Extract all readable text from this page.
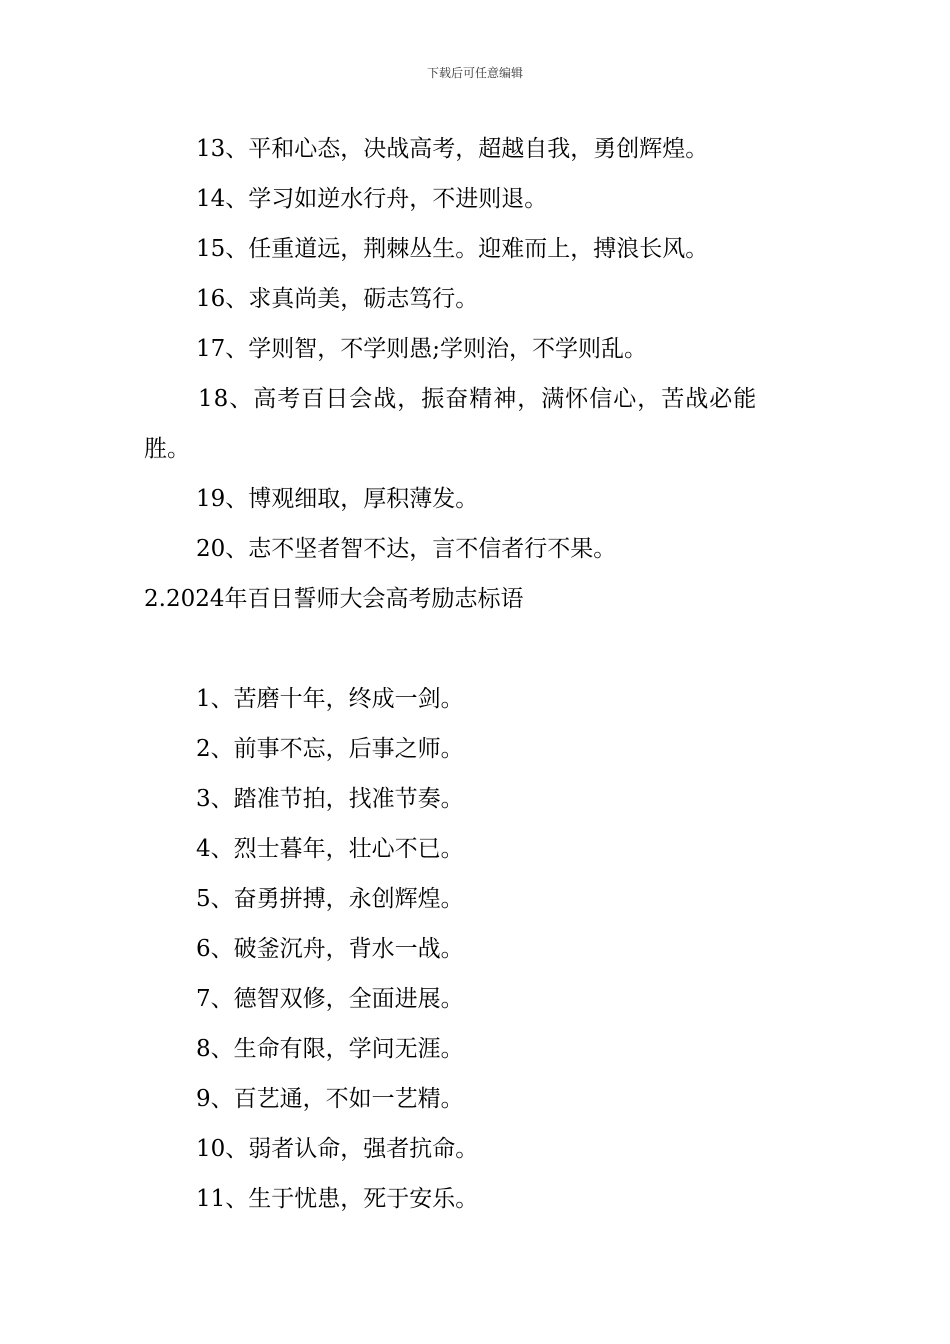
下载后可任意编辑
13、平和心态，决战高考，超越自我，勇创辉煌。
14、学习如逆水行舟，不进则退。
15、任重道远，荆棘丛生。迎难而上，搏浪长风。
16、求真尚美，砺志笃行。
17、学则智，不学则愚;学则治，不学则乱。
18、高考百日会战，振奋精神，满怀信心，苦战必能
胜。
19、博观细取，厚积薄发。
20、志不坚者智不达，言不信者行不果。
2.2024年百日誓师大会高考励志标语
1、苦磨十年，终成一剑。
2、前事不忘，后事之师。
3、踏准节拍，找准节奏。
4、烈士暮年，壮心不已。
5、奋勇拼搏，永创辉煌。
6、破釜沉舟，背水一战。
7、德智双修，全面进展。
8、生命有限，学问无涯。
9、百艺通，不如一艺精。
10、弱者认命，强者抗命。
11、生于忧患，死于安乐。
